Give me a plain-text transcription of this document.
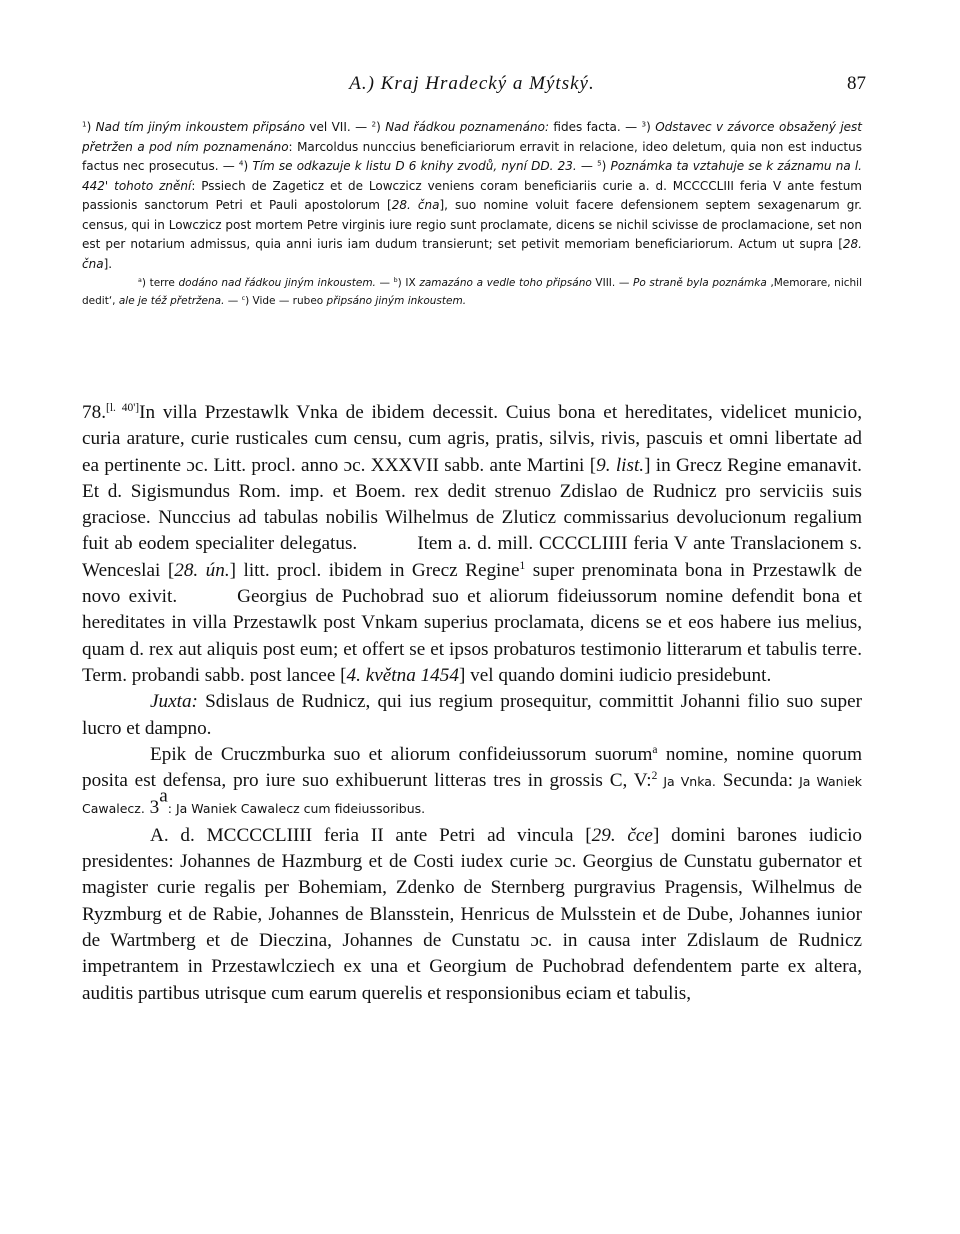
A.) Kraj Hradecký a Mýtský.	87

$^1$) Nad tím jiným inkoustem připsáno vel VII. — $^2$) Nad řádkou poznamenáno: fides facta. — $^3$) Odstavec v závorce obsažený jest přetržen a pod ním poznamenáno: Marcoldus nunccius beneficiariorum erravit in relacione, ideo deletum, quia non est inductus factus nec prosecutus. — $^4$) Tím se odkazuje k listu D 6 knihy zvodů, nyní DD. 23. — $^5$) Poznámka ta vztahuje se k záznamu na l. 442' tohoto znění: Pssiech de Zageticz et de Lowczicz veniens coram beneficiariis curie a. d. MCCCCLIII feria V ante festum passionis sanctorum Petri et Pauli apostolorum [28. čna], suo nomine voluit facere defensionem septem sexagenarum gr. census, qui in Lowczicz post mortem Petre virginis iure regio sunt proclamate, dicens se nichil scivisse de proclamacione, set non est per notarium admissus, quia anni iuris iam dudum transierunt; set petivit memoriam beneficiariorum. Actum ut supra [28. čna].

$^a$) terre dodáno nad řádkou jiným inkoustem. — $^b$) IX zamazáno a vedle toho připsáno VIII. — Po straně byla poznámka ‚Memorare, nichil dedit‘, ale je též přetržena. — $^c$) Vide — rubeo připsáno jiným inkoustem.

78.[l. 40']In villa Przestawlk Vnka de ibidem decessit. Cuius bona et hereditates, videlicet municio, curia arature, curie rusticales cum censu, cum agris, pratis, silvis, rivis, pascuis et omni libertate ad ea pertinente ɔc. Litt. procl. anno ɔc. XXXVII sabb. ante Martini [9. list.] in Grecz Regine emanavit. Et d. Sigismundus Rom. imp. et Boem. rex dedit strenuo Zdislao de Rudnicz pro serviciis suis graciose. Nunccius ad tabulas nobilis Wilhelmus de Zluticz commissarius devolucionum regalium fuit ab eodem specialiter delegatus.	Item a. d. mill. CCCCLIIII feria V ante Translacionem s. Wenceslai [28. ún.] litt. procl. ibidem in Grecz Regine$^1$ super prenominata bona in Przestawlk de novo exivit.	Georgius de Puchobrad suo et aliorum fideiussorum nomine defendit bona et hereditates in villa Przestawlk post Vnkam superius proclamata, dicens se et eos habere ius melius, quam d. rex aut aliquis post eum; et offert se et ipsos probaturos testimonio litterarum et tabulis terre. Term. probandi sabb. post lancee [4. května 1454] vel quando domini iudicio presidebunt.

Juxta: Sdislaus de Rudnicz, qui ius regium prosequitur, committit Johanni filio suo super lucro et dampno.

Epik de Cruczmburka suo et aliorum confideiussorum suorum$^a$ nomine, nomine quorum posita est defensa, pro iure suo exhibuerunt litteras tres in grossis C, V:$^2$ Ja Vnka. Secunda: Ja Waniek Cawalecz. 3$^a$: Ja Waniek Cawalecz cum fideiussoribus.

A. d. MCCCCLIIII feria II ante Petri ad vincula [29. čce] domini barones iudicio presidentes: Johannes de Hazmburg et de Costi iudex curie ɔc. Georgius de Cunstatu gubernator et magister curie regalis per Bohemiam, Zdenko de Sternberg purgravius Pragensis, Wilhelmus de Ryzmburg et de Rabie, Johannes de Blansstein, Henricus de Mulsstein et de Dube, Johannes iunior de Wartmberg et de Dieczina, Johannes de Cunstatu ɔc. in causa inter Zdislaum de Rudnicz impetrantem in Przestawlcziech ex una et Georgium de Puchobrad defendentem parte ex altera, auditis partibus utrisque cum earum querelis et responsionibus eciam et tabulis,
